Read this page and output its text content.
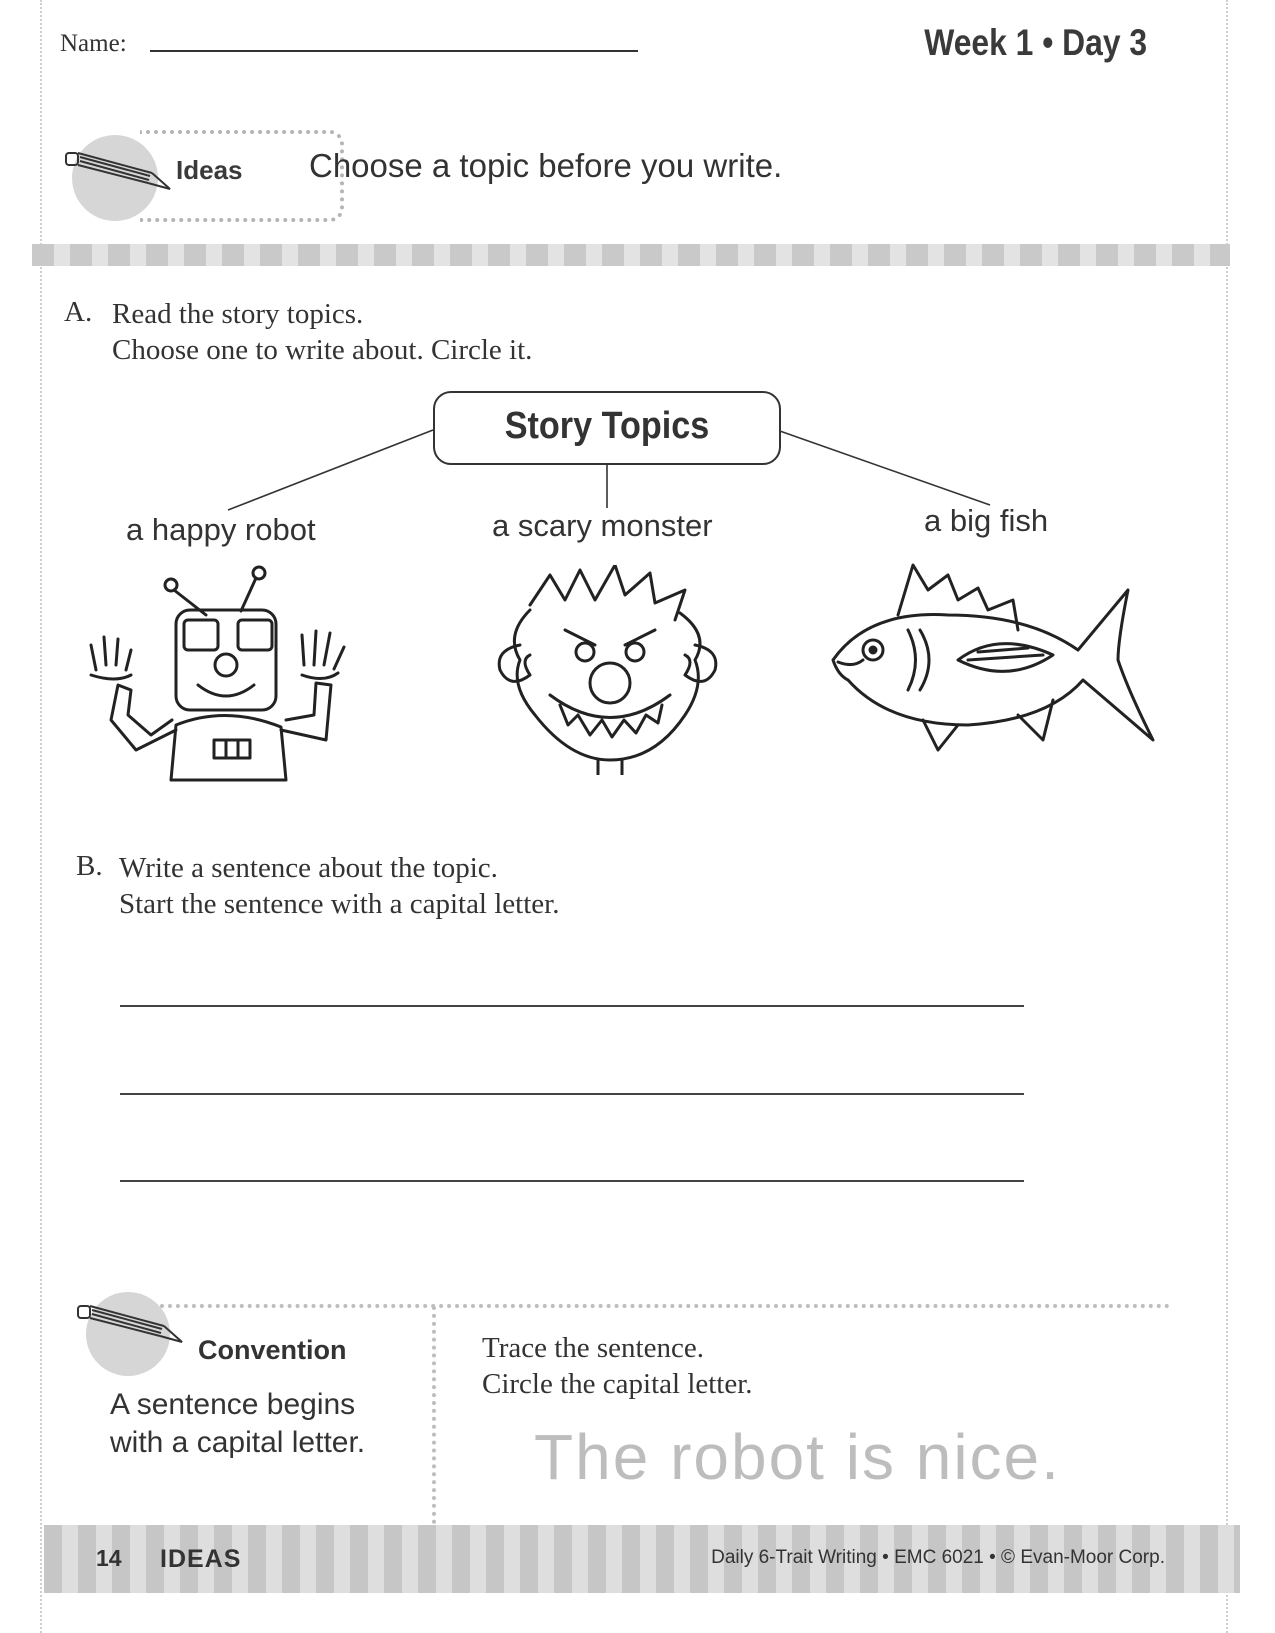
Name:	Week 1 • Day 3
Ideas Choose a topic before you write.
A. Read the story topics.
Choose one to write about. Circle it.
Story Topics
a happy robot	a scary monster	a big fish
B. Write a sentence about the topic.
Start the sentence with a capital letter.
Convention
A sentence begins
with a capital letter.
Trace the sentence.
Circle the capital letter.
The robot is nice.
14 IDEAS	Daily 6-Trait Writing • EMC 6021 • © Evan-Moor Corp.
